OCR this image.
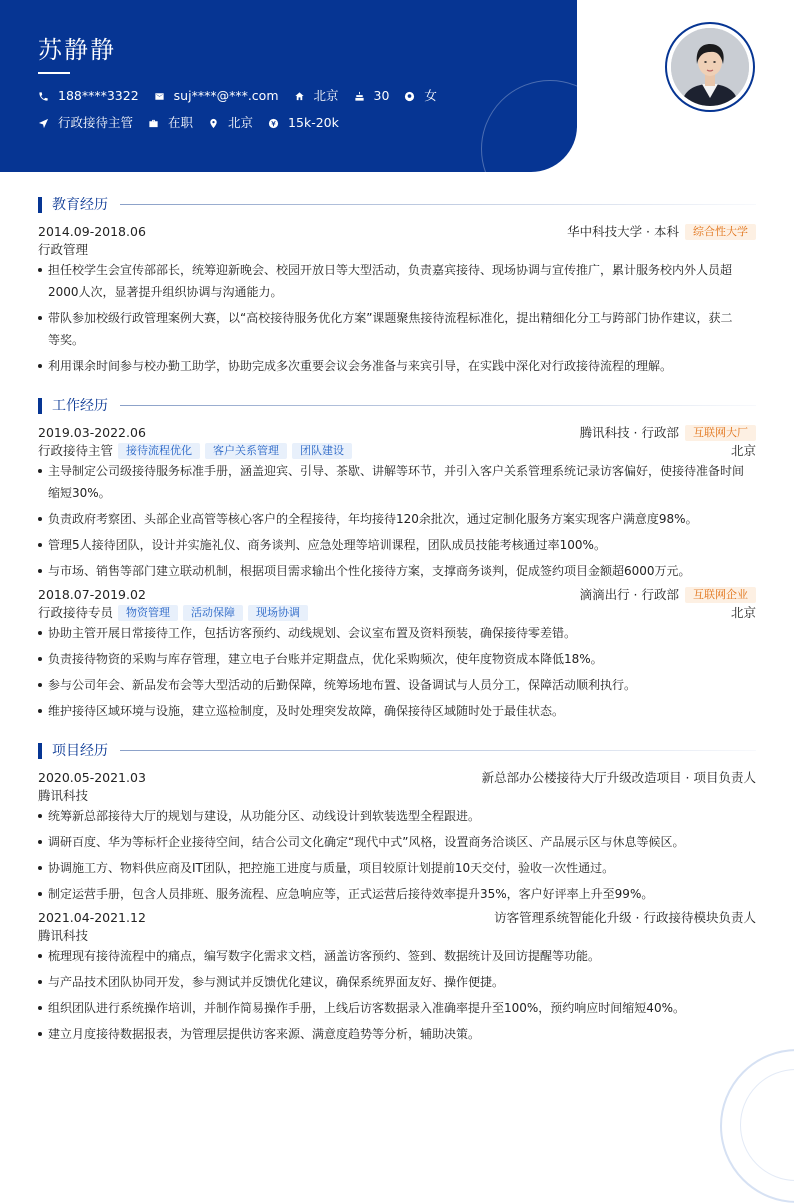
苏静静
188****3322	suj****@***.com	北京	30	女
行政接待主管	在职	北京	15k-20k
教育经历
2014.09-2018.06	华中科技大学 · 本科	综合性大学
行政管理
担任校学生会宣传部部长，统筹迎新晚会、校园开放日等大型活动，负责嘉宾接待、现场协调与宣传推广，累计服务校内外人员超2000人次，显著提升组织协调与沟通能力。
带队参加校级行政管理案例大赛，以“高校接待服务优化方案”课题聚焦接待流程标准化，提出精细化分工与跨部门协作建议，获二等奖。
利用课余时间参与校办勤工助学，协助完成多次重要会议会务准备与来宾引导，在实践中深化对行政接待流程的理解。
工作经历
2019.03-2022.06	腾讯科技 · 行政部	互联网大厂
行政接待主管	接待流程优化	客户关系管理	团队建设	北京
主导制定公司级接待服务标准手册，涵盖迎宾、引导、茶歇、讲解等环节，并引入客户关系管理系统记录访客偏好，使接待准备时间缩短30%。
负责政府考察团、头部企业高管等核心客户的全程接待，年均接待120余批次，通过定制化服务方案实现客户满意度98%。
管理5人接待团队，设计并实施礼仪、商务谈判、应急处理等培训课程，团队成员技能考核通过率100%。
与市场、销售等部门建立联动机制，根据项目需求输出个性化接待方案，支撑商务谈判，促成签约项目金额超6000万元。
2018.07-2019.02	滴滴出行 · 行政部	互联网企业
行政接待专员	物资管理	活动保障	现场协调	北京
协助主管开展日常接待工作，包括访客预约、动线规划、会议室布置及资料预装，确保接待零差错。
负责接待物资的采购与库存管理，建立电子台账并定期盘点，优化采购频次，使年度物资成本降低18%。
参与公司年会、新品发布会等大型活动的后勤保障，统筹场地布置、设备调试与人员分工，保障活动顺利执行。
维护接待区域环境与设施，建立巡检制度，及时处理突发故障，确保接待区域随时处于最佳状态。
项目经历
2020.05-2021.03	新总部办公楼接待大厅升级改造项目 · 项目负责人
腾讯科技
统筹新总部接待大厅的规划与建设，从功能分区、动线设计到软装选型全程跟进。
调研百度、华为等标杆企业接待空间，结合公司文化确定“现代中式”风格，设置商务洽谈区、产品展示区与休息等候区。
协调施工方、物料供应商及IT团队，把控施工进度与质量，项目较原计划提前10天交付，验收一次性通过。
制定运营手册，包含人员排班、服务流程、应急响应等，正式运营后接待效率提升35%，客户好评率上升至99%。
2021.04-2021.12	访客管理系统智能化升级 · 行政接待模块负责人
腾讯科技
梳理现有接待流程中的痛点，编写数字化需求文档，涵盖访客预约、签到、数据统计及回访提醒等功能。
与产品技术团队协同开发，参与测试并反馈优化建议，确保系统界面友好、操作便捷。
组织团队进行系统操作培训，并制作简易操作手册，上线后访客数据录入准确率提升至100%，预约响应时间缩短40%。
建立月度接待数据报表，为管理层提供访客来源、满意度趋势等分析，辅助决策。
